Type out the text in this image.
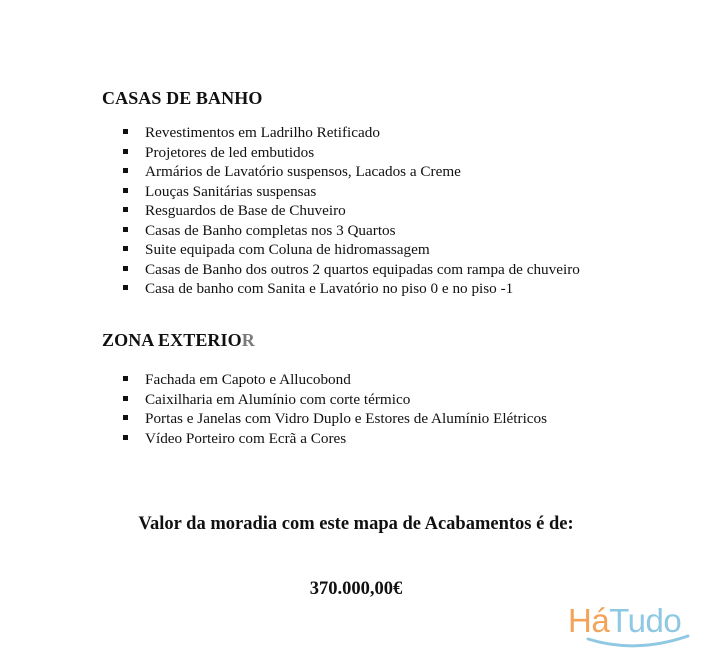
CASAS DE BANHO
Revestimentos em Ladrilho Retificado
Projetores de led embutidos
Armários de Lavatório suspensos, Lacados a Creme
Louças Sanitárias suspensas
Resguardos de Base de Chuveiro
Casas de Banho completas nos 3 Quartos
Suite equipada com Coluna de hidromassagem
Casas de Banho dos outros 2 quartos equipadas com rampa de chuveiro
Casa de banho com Sanita e Lavatório no piso 0 e no piso -1
ZONA EXTERIOR
Fachada em Capoto e Allucobond
Caixilharia em Alumínio com corte térmico
Portas e Janelas com Vidro Duplo e Estores de Alumínio Elétricos
Vídeo Porteiro com Ecrã a Cores

Valor da moradia com este mapa de Acabamentos é de:

370.000,00€

HáTudo
